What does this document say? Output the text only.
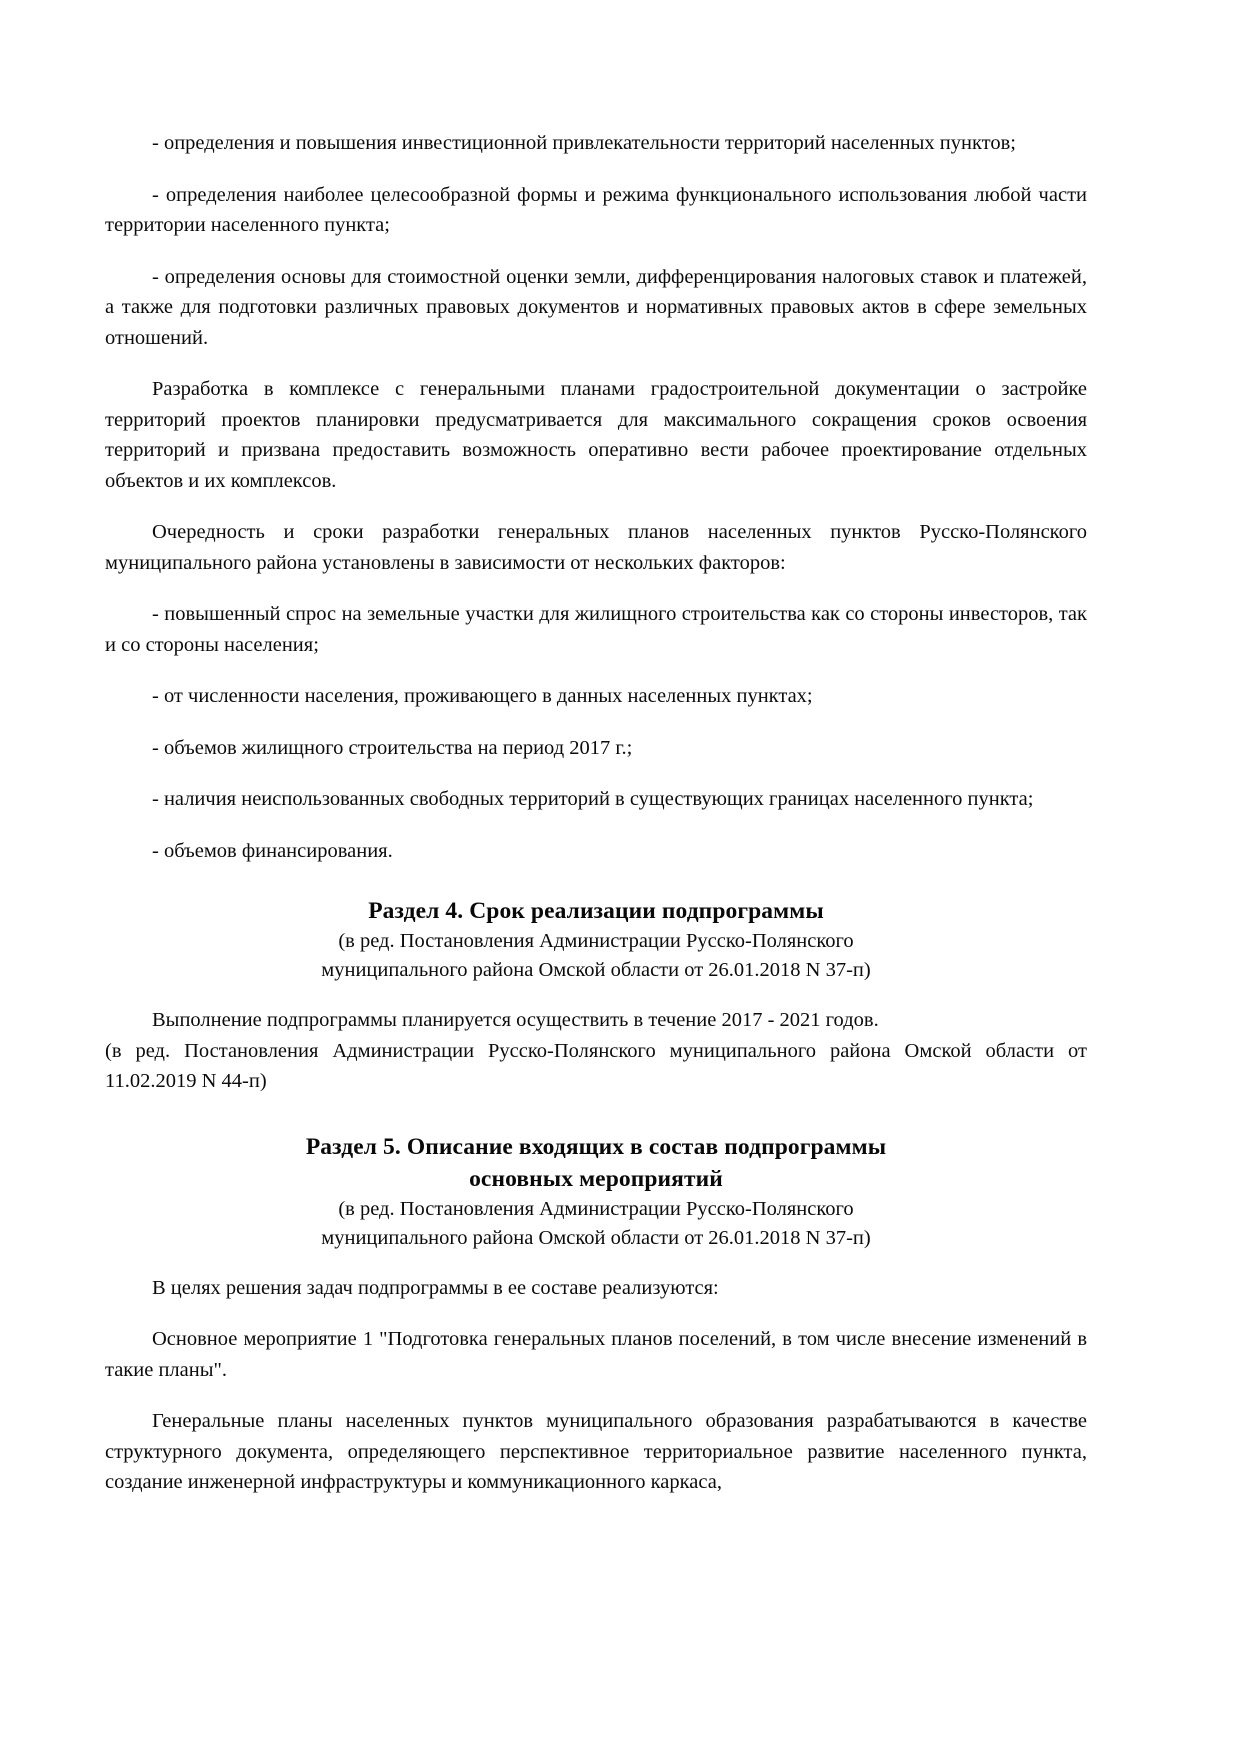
- определения и повышения инвестиционной привлекательности территорий населенных пунктов;

- определения наиболее целесообразной формы и режима функционального использования любой части территории населенного пункта;

- определения основы для стоимостной оценки земли, дифференцирования налоговых ставок и платежей, а также для подготовки различных правовых документов и нормативных правовых актов в сфере земельных отношений.

Разработка в комплексе с генеральными планами градостроительной документации о застройке территорий проектов планировки предусматривается для максимального сокращения сроков освоения территорий и призвана предоставить возможность оперативно вести рабочее проектирование отдельных объектов и их комплексов.

Очередность и сроки разработки генеральных планов населенных пунктов Русско-Полянского муниципального района установлены в зависимости от нескольких факторов:

- повышенный спрос на земельные участки для жилищного строительства как со стороны инвесторов, так и со стороны населения;

- от численности населения, проживающего в данных населенных пунктах;

- объемов жилищного строительства на период 2017 г.;

- наличия неиспользованных свободных территорий в существующих границах населенного пункта;

- объемов финансирования.

Раздел 4. Срок реализации подпрограммы

(в ред. Постановления Администрации Русско-Полянского

муниципального района Омской области от 26.01.2018 N 37-п)

Выполнение подпрограммы планируется осуществить в течение 2017 - 2021 годов.

(в ред. Постановления Администрации Русско-Полянского муниципального района Омской области от 11.02.2019 N 44-п)

Раздел 5. Описание входящих в состав подпрограммы

основных мероприятий

(в ред. Постановления Администрации Русско-Полянского

муниципального района Омской области от 26.01.2018 N 37-п)

В целях решения задач подпрограммы в ее составе реализуются:

Основное мероприятие 1 "Подготовка генеральных планов поселений, в том числе внесение изменений в такие планы".

Генеральные планы населенных пунктов муниципального образования разрабатываются в качестве структурного документа, определяющего перспективное территориальное развитие населенного пункта, создание инженерной инфраструктуры и коммуникационного каркаса,
